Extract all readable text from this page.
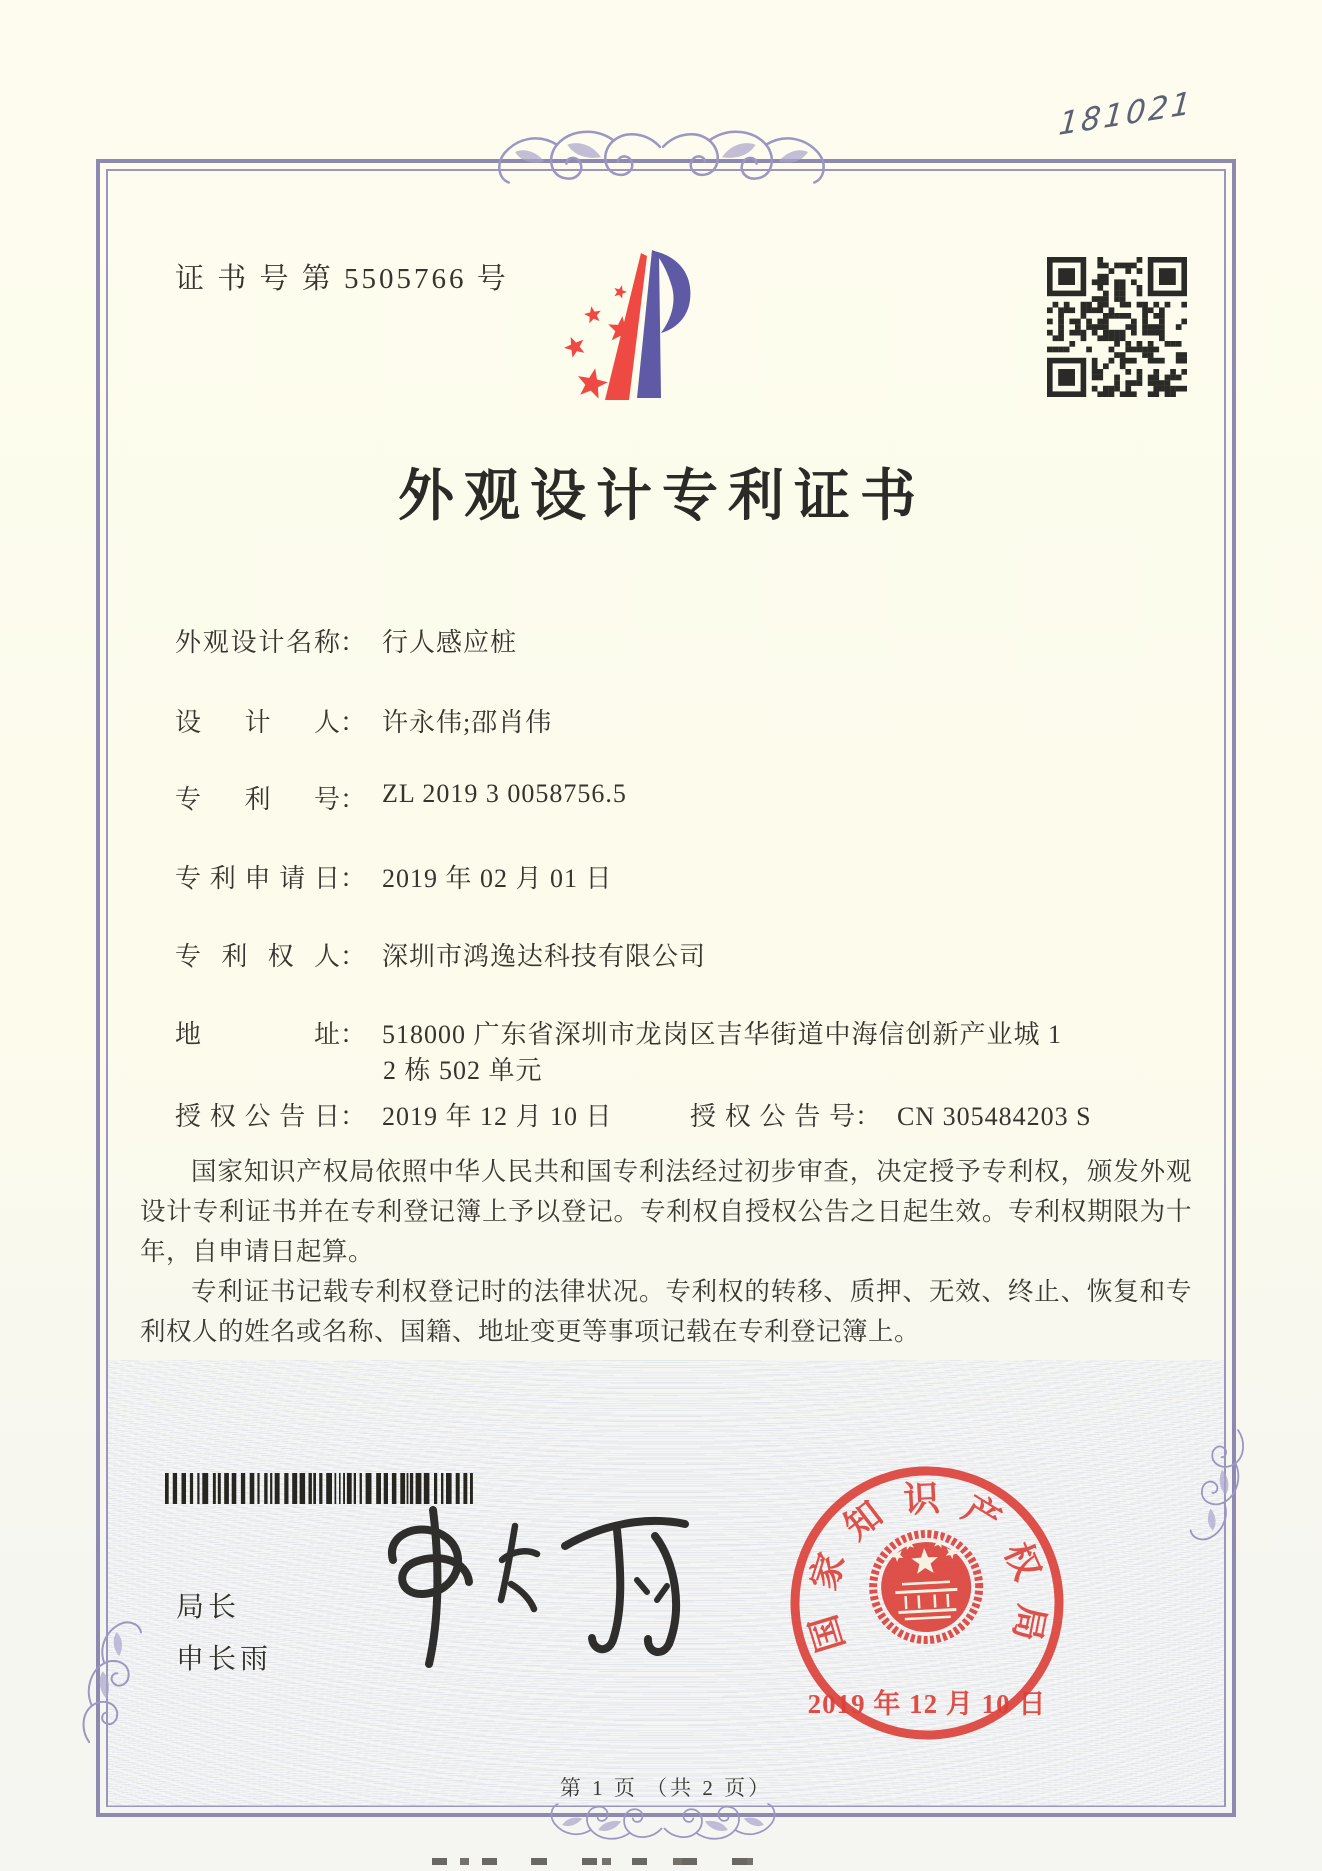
181021
证 书 号 第 5505766 号
外观设计专利证书
外观设计名称： 行人感应桩
设计人： 许永伟;邵肖伟
专利号： ZL 2019 3 0058756.5
专利申请日： 2019 年 02 月 01 日
专利权人： 深圳市鸿逸达科技有限公司
地址： 518000 广东省深圳市龙岗区吉华街道中海信创新产业城 1
2 栋 502 单元
授权公告日： 2019 年 12 月 10 日	授权公告号： CN 305484203 S

国家知识产权局依照中华人民共和国专利法经过初步审查，决定授予专利权，颁发外观设计专利证书并在专利登记簿上予以登记。专利权自授权公告之日起生效。专利权期限为十年，自申请日起算。

专利证书记载专利权登记时的法律状况。专利权的转移、质押、无效、终止、恢复和专利权人的姓名或名称、国籍、地址变更等事项记载在专利登记簿上。

局长
申长雨
国
家
知 识 产
权
局
2019 年 12 月 10 日
第 1 页 （共 2 页）
